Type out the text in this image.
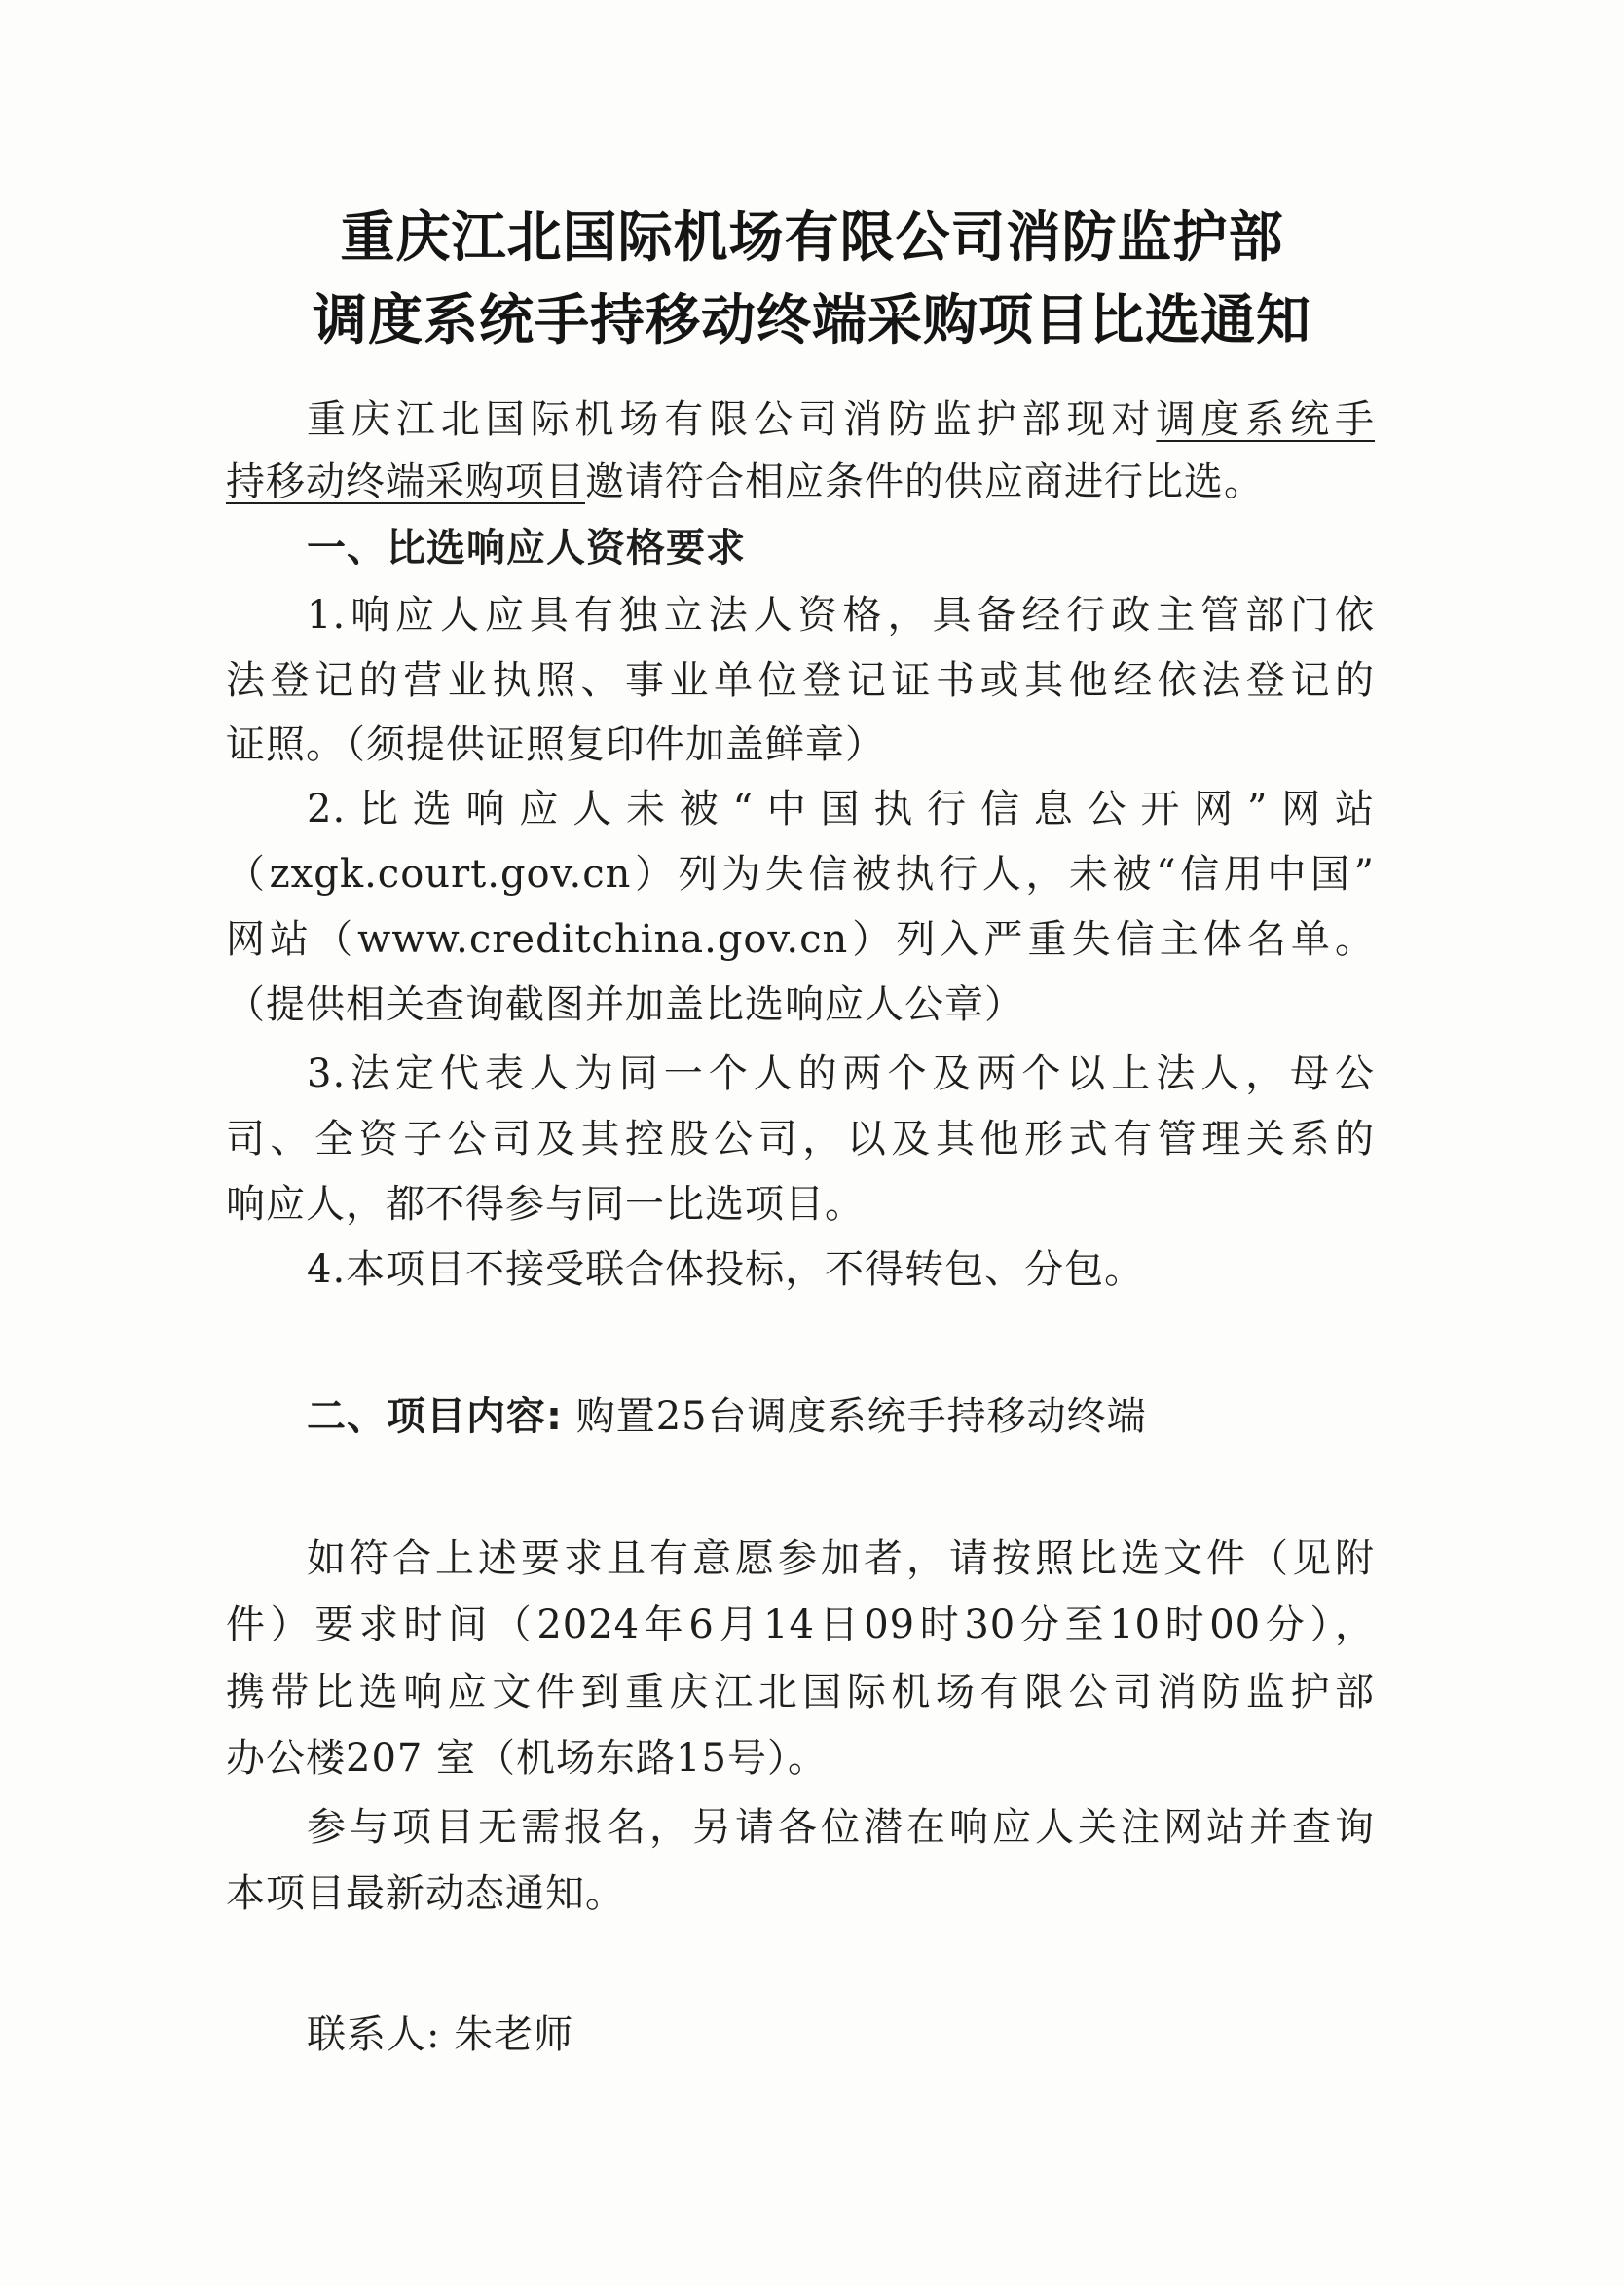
重庆江北国际机场有限公司消防监护部
调度系统手持移动终端采购项目比选通知
重庆江北国际机场有限公司消防监护部现对调度系统手
持移动终端采购项目邀请符合相应条件的供应商进行比选。
一、比选响应人资格要求
1.响应人应具有独立法人资格，具备经行政主管部门依
法登记的营业执照、事业单位登记证书或其他经依法登记的
证照。（须提供证照复印件加盖鲜章）
2.比选响应人未被“中国执行信息公开网”网站
（zxgk.court.gov.cn）列为失信被执行人，未被“信用中国”
网站（www.creditchina.gov.cn）列入严重失信主体名单。
（提供相关查询截图并加盖比选响应人公章）
3.法定代表人为同一个人的两个及两个以上法人，母公
司、全资子公司及其控股公司，以及其他形式有管理关系的
响应人，都不得参与同一比选项目。
4.本项目不接受联合体投标，不得转包、分包。
二、项目内容: 购置25台调度系统手持移动终端
如符合上述要求且有意愿参加者，请按照比选文件（见附
件）要求时间（2024年6月14日09时30分至10时00分），
携带比选响应文件到重庆江北国际机场有限公司消防监护部
办公楼207 室（机场东路15号）。
参与项目无需报名，另请各位潜在响应人关注网站并查询
本项目最新动态通知。
联系人: 朱老师
